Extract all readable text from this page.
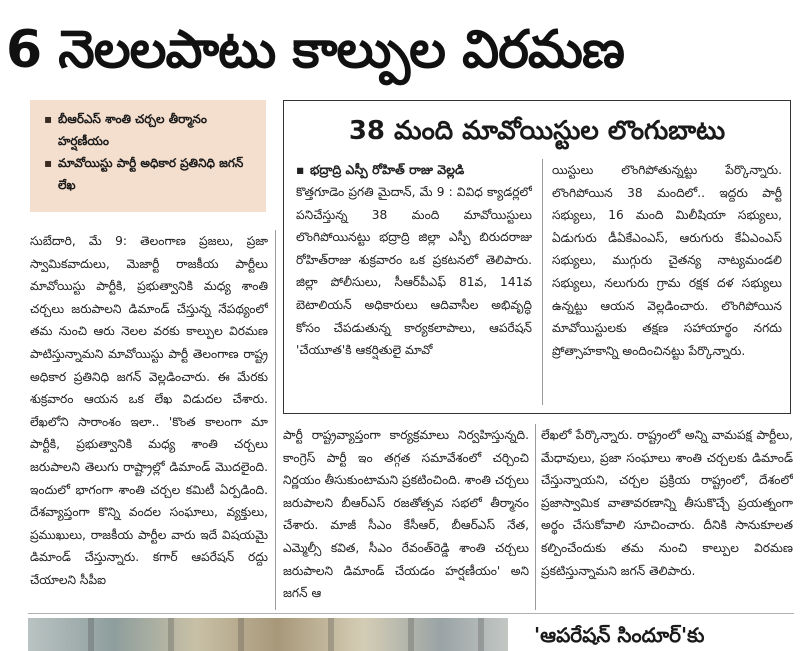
6 నెలలపాటు కాల్పుల విరమణ
▪ బీఆర్ఎస్ శాంతి చర్చల తీర్మానం హర్షణీయం
▪ మావోయిస్టు పార్టీ అధికార ప్రతినిధి జగన్ లేఖ

సుబేదారి, మే 9: తెలంగాణ ప్రజలు, ప్రజా స్వామికవాదులు, మెజార్టీ రాజకీయ పార్టీలు మావోయిస్టు పార్టీకి, ప్రభుత్వానికి మధ్య శాంతి చర్చలు జరుపాలని డిమాండ్ చేస్తున్న నేపథ్యంలో తమ నుంచి ఆరు నెలల వరకు కాల్పుల విరమణ పాటిస్తున్నామని మావోయిస్టు పార్టీ తెలంగాణ రాష్ట్ర అధికార ప్రతినిధి జగన్ వెల్లడించారు. ఈ మేరకు శుక్రవారం ఆయన ఒక లేఖ విడుదల చేశారు. లేఖలోని సారాంశం ఇలా.. 'కొంత కాలంగా మా పార్టీకి, ప్రభుత్వానికి మధ్య శాంతి చర్చలు జరుపాలని తెలుగు రాష్ట్రాల్లో డిమాండ్ మొదలైంది. ఇందులో భాగంగా శాంతి చర్చల కమిటీ ఏర్పడింది. దేశవ్యాప్తంగా కొన్ని వందల సంఘాలు, వ్యక్తులు, ప్రముఖులు, రాజకీయ పార్టీల వారు ఇదే విషయమై డిమాండ్ చేస్తున్నారు. కగార్ ఆపరేషన్ రద్దు చేయాలని సీపీఐ

38 మంది మావోయిస్టుల లొంగుబాటు
▪ భద్రాద్రి ఎస్పీ రోహిత్ రాజు వెల్లడి

కొత్తగూడెం ప్రగతి మైదాన్, మే 9 : వివిధ క్యాడర్లలో పనిచేస్తున్న 38 మంది మావోయిస్టులు లొంగిపోయినట్టు భద్రాద్రి జిల్లా ఎస్పీ బిరుదరాజు రోహిత్‌రాజు శుక్రవారం ఒక ప్రకటనలో తెలిపారు. జిల్లా పోలీసులు, సీఆర్‌పీఎఫ్ 81వ, 141వ బెటాలియన్ అధికారులు ఆదివాసీల అభివృద్ధి కోసం చేపడుతున్న కార్యకలాపాలు, ఆపరేషన్ 'చేయూత'కి ఆకర్షితులై మావో

యిస్టులు లొంగిపోతున్నట్టు పేర్కొన్నారు. లొంగిపోయిన 38 మందిలో.. ఇద్దరు పార్టీ సభ్యులు, 16 మంది మిలీషియా సభ్యులు, ఏడుగురు డీఏకేఎంఎస్, ఆరుగురు కేఏఎంఎస్ సభ్యులు, ముగ్గురు చైతన్య నాట్యమండలి సభ్యులు, నలుగురు గ్రామ రక్షక దళ సభ్యులు ఉన్నట్టు ఆయన వెల్లడించారు. లొంగిపోయిన మావోయిస్టులకు తక్షణ సహాయార్థం నగదు ప్రోత్సాహకాన్ని అందించినట్టు పేర్కొన్నారు.

పార్టీ రాష్ట్రవ్యాప్తంగా కార్యక్రమాలు నిర్వహిస్తున్నది. కాంగ్రెస్ పార్టీ ఇం తగ్గత సమావేశంలో చర్చించి నిర్ణయం తీసుకుంటామని ప్రకటించింది. శాంతి చర్చలు జరుపాలని బీఆర్ఎస్ రజతోత్సవ సభలో తీర్మానం చేశారు. మాజీ సీఎం కేసీఆర్, బీఆర్ఎస్ నేత, ఎమ్మెల్సీ కవిత, సీఎం రేవంత్‌రెడ్డి శాంతి చర్చలు జరుపాలని డిమాండ్ చేయడం హర్షణీయం' అని జగన్ ఆ

లేఖలో పేర్కొన్నారు. రాష్ట్రంలో అన్ని వామపక్ష పార్టీలు, మేధావులు, ప్రజా సంఘాలు శాంతి చర్చలకు డిమాండ్ చేస్తున్నాయని, చర్చల ప్రక్రియ రాష్ట్రంలో, దేశంలో ప్రజాస్వామిక వాతావరణాన్ని తీసుకొచ్చే ప్రయత్నంగా అర్థం చేసుకోవాలి సూచించారు. దీనికి సానుకూలత కల్పించేందుకు తమ నుంచి కాల్పుల విరమణ ప్రకటిస్తున్నామని జగన్ తెలిపారు.

'ఆపరేషన్ సిందూర్'కు
